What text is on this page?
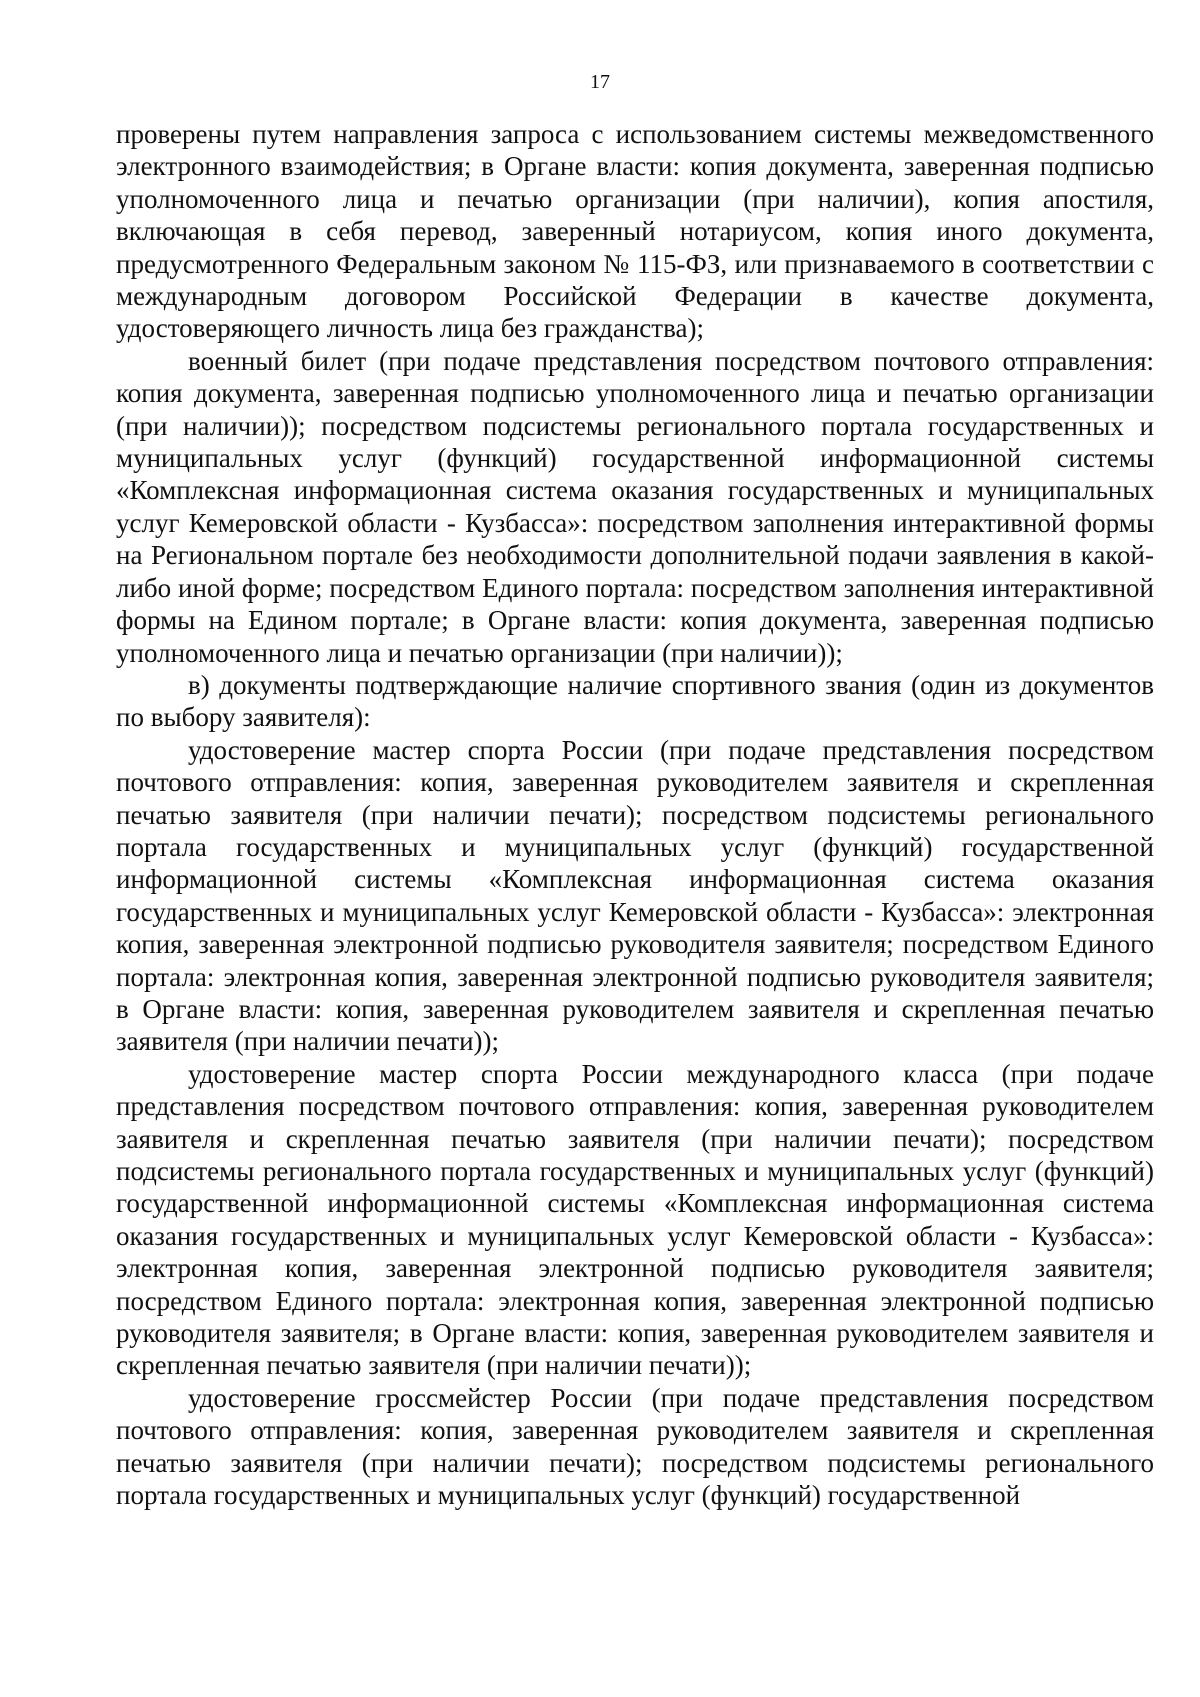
17

проверены путем направления запроса с использованием системы межведомственного электронного взаимодействия; в Органе власти: копия документа, заверенная подписью уполномоченного лица и печатью организации (при наличии), копия апостиля, включающая в себя перевод, заверенный нотариусом, копия иного документа, предусмотренного Федеральным законом № 115-ФЗ, или признаваемого в соответствии с международным договором Российской Федерации в качестве документа, удостоверяющего личность лица без гражданства);

военный билет (при подаче представления посредством почтового отправления: копия документа, заверенная подписью уполномоченного лица и печатью организации (при наличии)); посредством подсистемы регионального портала государственных и муниципальных услуг (функций) государственной информационной системы «Комплексная информационная система оказания государственных и муниципальных услуг Кемеровской области - Кузбасса»: посредством заполнения интерактивной формы на Региональном портале без необходимости дополнительной подачи заявления в какой-либо иной форме; посредством Единого портала: посредством заполнения интерактивной формы на Едином портале; в Органе власти: копия документа, заверенная подписью уполномоченного лица и печатью организации (при наличии));

в) документы подтверждающие наличие спортивного звания (один из документов по выбору заявителя):

удостоверение мастер спорта России (при подаче представления посредством почтового отправления: копия, заверенная руководителем заявителя и скрепленная печатью заявителя (при наличии печати); посредством подсистемы регионального портала государственных и муниципальных услуг (функций) государственной информационной системы «Комплексная информационная система оказания государственных и муниципальных услуг Кемеровской области - Кузбасса»: электронная копия, заверенная электронной подписью руководителя заявителя; посредством Единого портала: электронная копия, заверенная электронной подписью руководителя заявителя; в Органе власти: копия, заверенная руководителем заявителя и скрепленная печатью заявителя (при наличии печати));

удостоверение мастер спорта России международного класса (при подаче представления посредством почтового отправления: копия, заверенная руководителем заявителя и скрепленная печатью заявителя (при наличии печати); посредством подсистемы регионального портала государственных и муниципальных услуг (функций) государственной информационной системы «Комплексная информационная система оказания государственных и муниципальных услуг Кемеровской области - Кузбасса»: электронная копия, заверенная электронной подписью руководителя заявителя; посредством Единого портала: электронная копия, заверенная электронной подписью руководителя заявителя; в Органе власти: копия, заверенная руководителем заявителя и скрепленная печатью заявителя (при наличии печати));

удостоверение гроссмейстер России (при подаче представления посредством почтового отправления: копия, заверенная руководителем заявителя и скрепленная печатью заявителя (при наличии печати); посредством подсистемы регионального портала государственных и муниципальных услуг (функций) государственной
